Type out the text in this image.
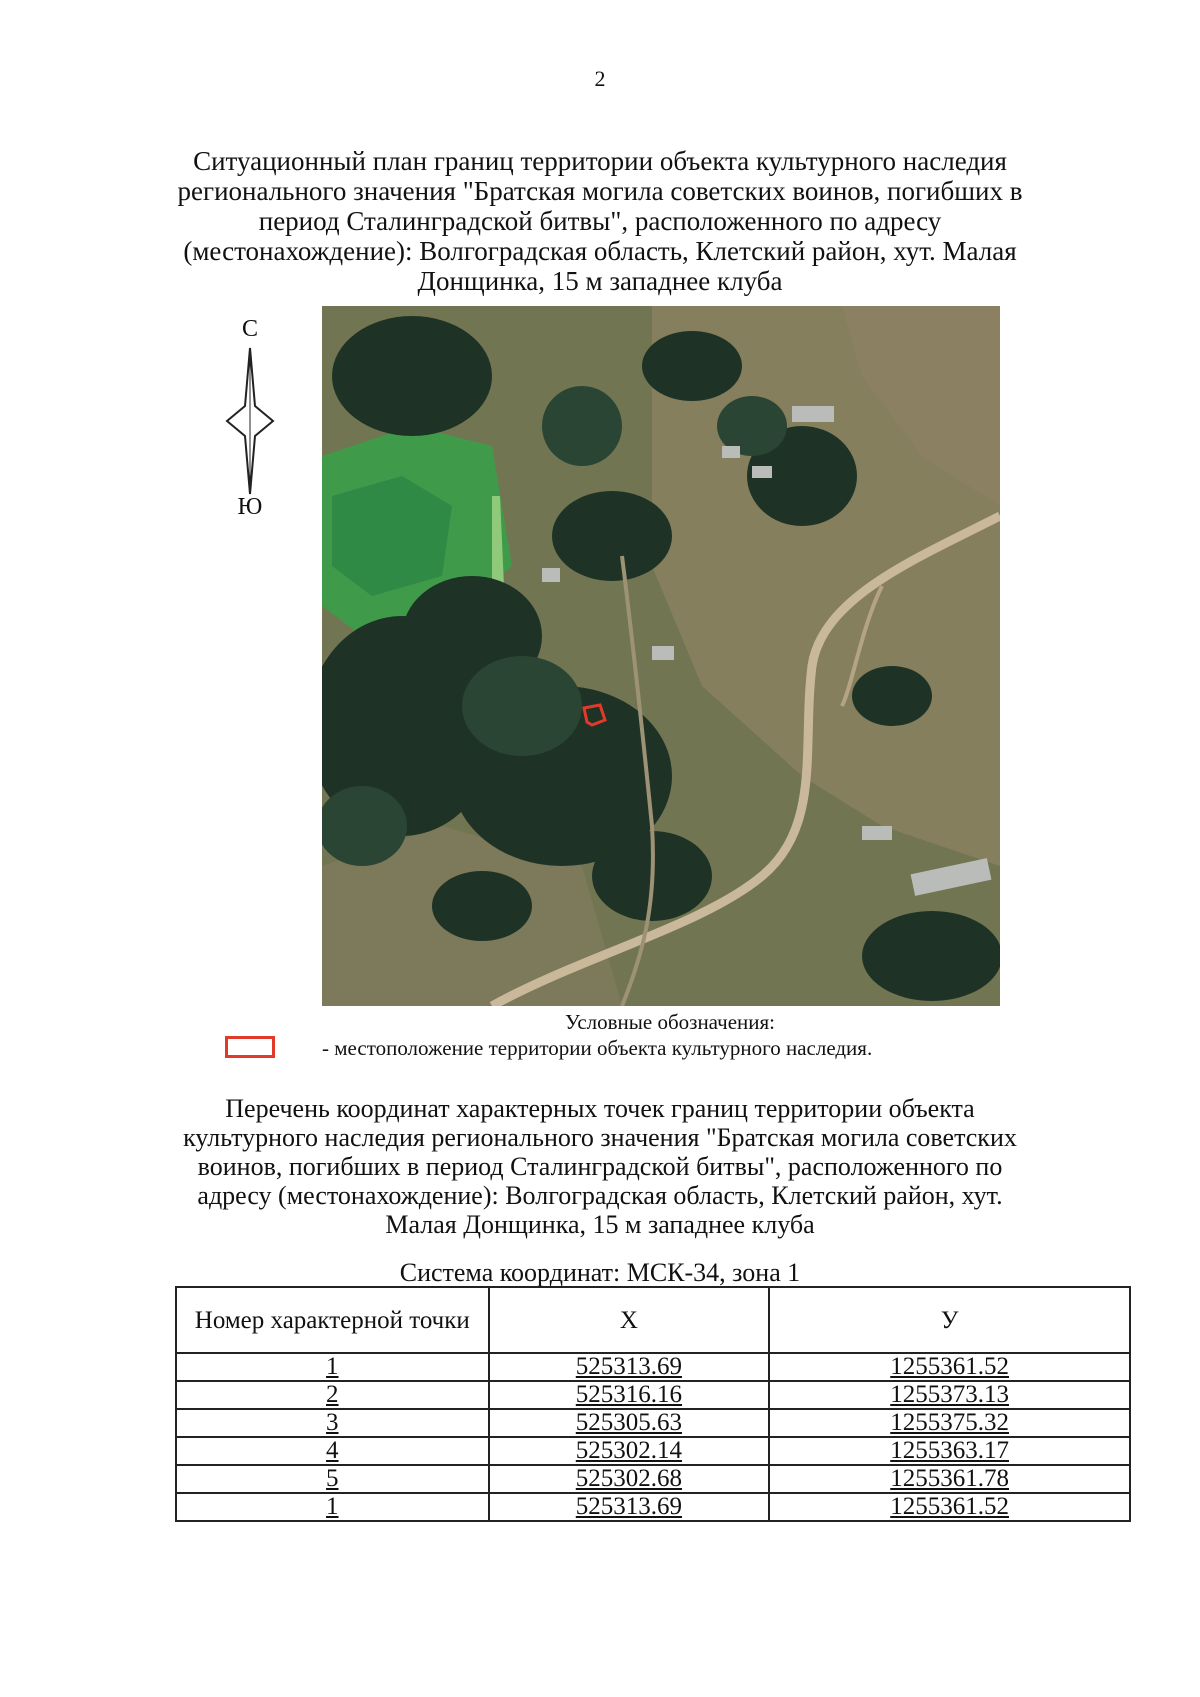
2
Ситуационный план границ территории объекта культурного наследия регионального значения "Братская могила советских воинов, погибших в период Сталинградской битвы", расположенного по адресу (местонахождение): Волгоградская область, Клетский район, хут. Малая Донщинка, 15 м западнее клуба
С
Ю
Условные обозначения:
- местоположение территории объекта культурного наследия.
Перечень координат характерных точек границ территории объекта культурного наследия регионального значения "Братская могила советских воинов, погибших в период Сталинградской битвы", расположенного по адресу (местонахождение): Волгоградская область, Клетский район, хут. Малая Донщинка, 15 м западнее клуба
Система координат: МСК-34, зона 1
Номер характерной точки	X	У
1	525313.69	1255361.52
2	525316.16	1255373.13
3	525305.63	1255375.32
4	525302.14	1255363.17
5	525302.68	1255361.78
1	525313.69	1255361.52
